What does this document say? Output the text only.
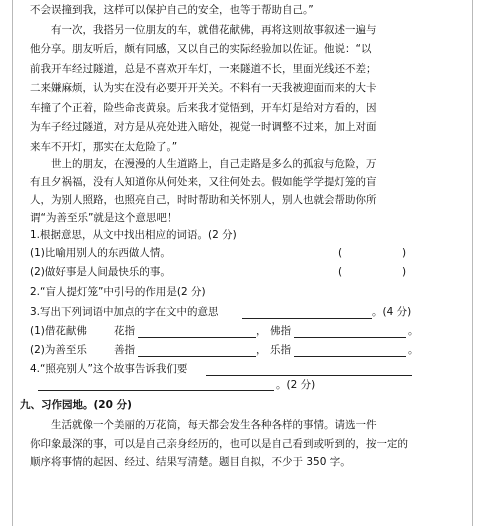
不会误撞到我，这样可以保护自己的安全，也等于帮助自己。”
有一次，我搭另一位朋友的车，就借花献佛，再将这则故事叙述一遍与
他分享。朋友听后，颇有同感，又以自己的实际经验加以佐证。他说：“以
前我开车经过隧道，总是不喜欢开车灯，一来隧道不长，里面光线还不差；
二来嫌麻烦，认为实在没有必要开开关关。不料有一天我被迎面而来的大卡
车撞了个正着，险些命丧黄泉。后来我才觉悟到，开车灯是给对方看的，因
为车子经过隧道，对方是从亮处进入暗处，视觉一时调整不过来，加上对面
来车不开灯，那实在太危险了。”
世上的朋友，在漫漫的人生道路上，自己走路是多么的孤寂与危险，万
有且夕祸福，没有人知道你从何处来，又往何处去。假如能学学提灯笼的盲
人，为别人照路，也照亮自己，时时帮助和关怀别人，别人也就会帮助你所
谓“为善至乐”就是这个意思吧！
1.根据意思，从文中找出相应的词语。(2 分)
(1)比喻用别人的东西做人情。	(	)
(2)做好事是人间最快乐的事。	(	)
2.“盲人提灯笼”中引号的作用是(2 分)
3.写出下列词语中加点的字在文中的意思	。(4 分)
(1)借花献佛	花指	， 佛指	。
(2)为善至乐	善指	， 乐指	。
4.“照亮别人”这个故事告诉我们要
。(2 分)
九、习作园地。(20 分)
生活就像一个美丽的万花筒，每天都会发生各种各样的事情。请选一件
你印象最深的事，可以是自己亲身经历的，也可以是自己看到或听到的，按一定的
顺序将事情的起因、经过、结果写清楚。题目自拟，不少于 350 字。
